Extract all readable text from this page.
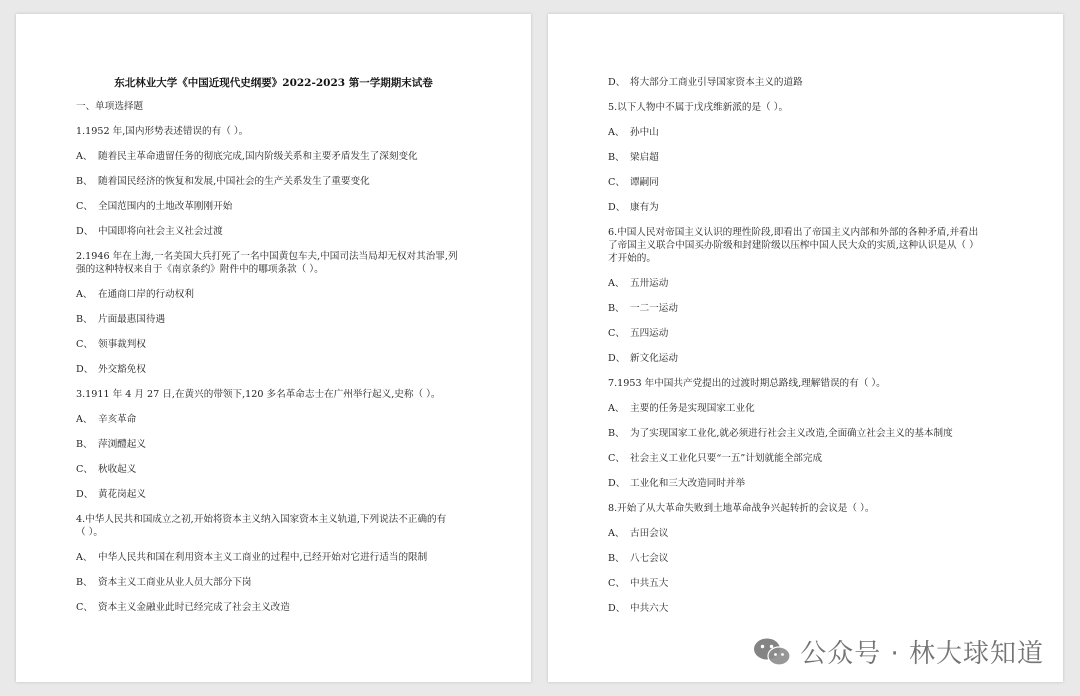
东北林业大学《中国近现代史纲要》2022-2023 第一学期期末试卷
一、单项选择题
1.1952 年,国内形势表述错误的有（ ）。
A、 随着民主革命遗留任务的彻底完成,国内阶级关系和主要矛盾发生了深刻变化
B、 随着国民经济的恢复和发展,中国社会的生产关系发生了重要变化
C、 全国范围内的土地改革刚刚开始
D、 中国即将向社会主义社会过渡
2.1946 年在上海,一名美国大兵打死了一名中国黄包车夫,中国司法当局却无权对其治罪,列
强的这种特权来自于《南京条约》附件中的哪项条款（ ）。
A、 在通商口岸的行动权利
B、 片面最惠国待遇
C、 领事裁判权
D、 外交豁免权
3.1911 年 4 月 27 日,在黄兴的带领下,120 多名革命志士在广州举行起义,史称（ ）。
A、 辛亥革命
B、 萍浏醴起义
C、 秋收起义
D、 黄花岗起义
4.中华人民共和国成立之初,开始将资本主义纳入国家资本主义轨道,下列说法不正确的有
（ ）。
A、 中华人民共和国在利用资本主义工商业的过程中,已经开始对它进行适当的限制
B、 资本主义工商业从业人员大部分下岗
C、 资本主义金融业此时已经完成了社会主义改造
D、 将大部分工商业引导国家资本主义的道路
5.以下人物中不属于戊戌维新派的是（ ）。
A、 孙中山
B、 梁启超
C、 谭嗣同
D、 康有为
6.中国人民对帝国主义认识的理性阶段,即看出了帝国主义内部和外部的各种矛盾,并看出
了帝国主义联合中国买办阶级和封建阶级以压榨中国人民大众的实质,这种认识是从（ ）
才开始的。
A、 五卅运动
B、 一二一运动
C、 五四运动
D、 新文化运动
7.1953 年中国共产党提出的过渡时期总路线,理解错误的有（ ）。
A、 主要的任务是实现国家工业化
B、 为了实现国家工业化,就必须进行社会主义改造,全面确立社会主义的基本制度
C、 社会主义工业化只要“一五”计划就能全部完成
D、 工业化和三大改造同时并举
8.开始了从大革命失败到土地革命战争兴起转折的会议是（ ）。
A、 古田会议
B、 八七会议
C、 中共五大
D、 中共六大
公众号 · 林大球知道
